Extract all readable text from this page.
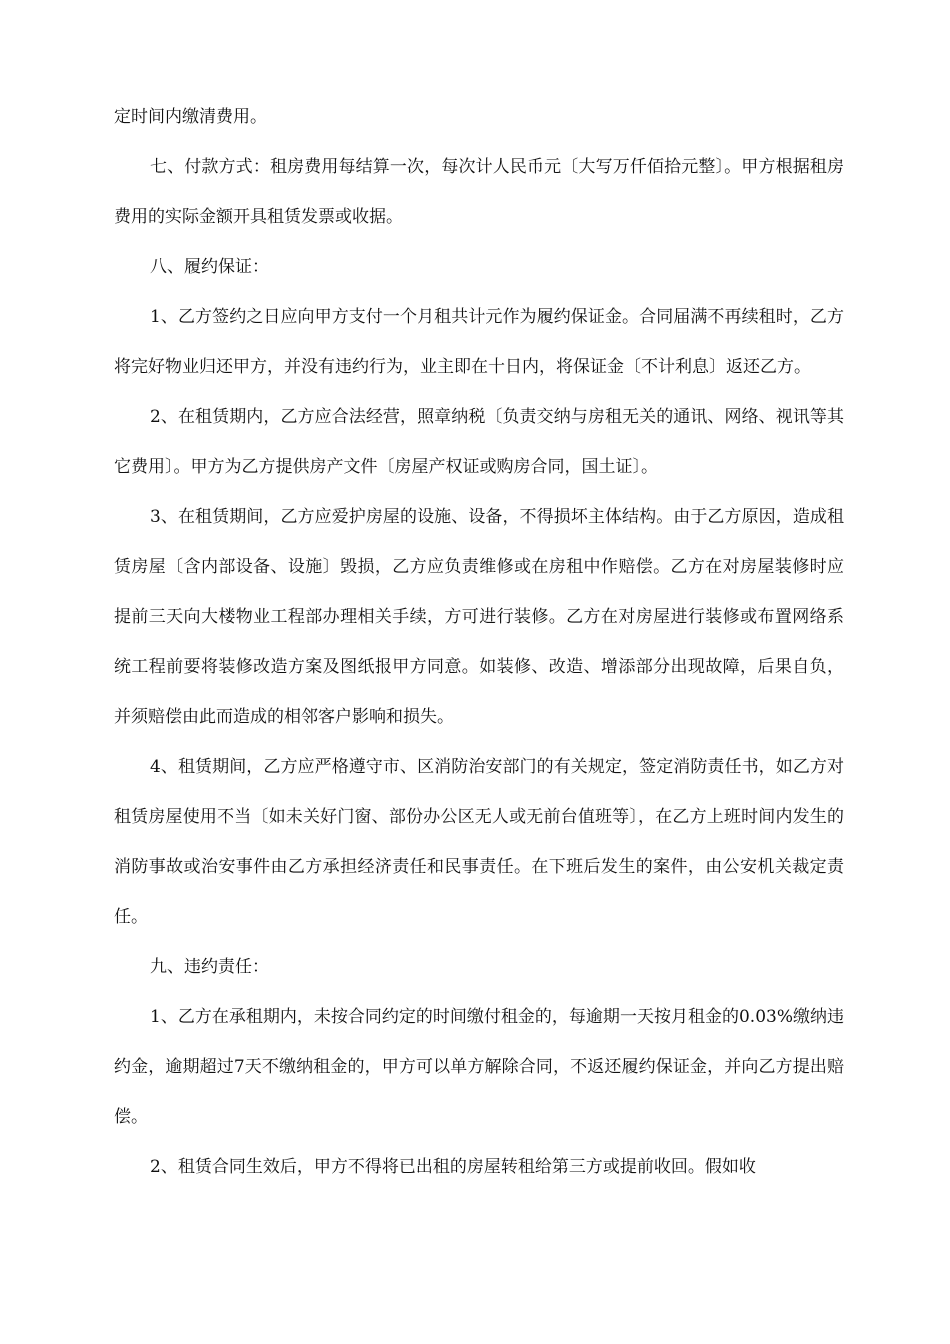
定时间内缴清费用。

七、付款方式：租房费用每结算一次，每次计人民币元〔大写万仟佰拾元整〕。甲方根据租房费用的实际金额开具租赁发票或收据。

八、履约保证：

1、乙方签约之日应向甲方支付一个月租共计元作为履约保证金。合同届满不再续租时，乙方将完好物业归还甲方，并没有违约行为，业主即在十日内，将保证金〔不计利息〕返还乙方。

2、在租赁期内，乙方应合法经营，照章纳税〔负责交纳与房租无关的通讯、网络、视讯等其它费用〕。甲方为乙方提供房产文件〔房屋产权证或购房合同，国土证〕。

3、在租赁期间，乙方应爱护房屋的设施、设备，不得损坏主体结构。由于乙方原因，造成租赁房屋〔含内部设备、设施〕毁损，乙方应负责维修或在房租中作赔偿。乙方在对房屋装修时应提前三天向大楼物业工程部办理相关手续，方可进行装修。乙方在对房屋进行装修或布置网络系统工程前要将装修改造方案及图纸报甲方同意。如装修、改造、增添部分出现故障，后果自负，并须赔偿由此而造成的相邻客户影响和损失。

4、租赁期间，乙方应严格遵守市、区消防治安部门的有关规定，签定消防责任书，如乙方对租赁房屋使用不当〔如未关好门窗、部份办公区无人或无前台值班等〕，在乙方上班时间内发生的消防事故或治安事件由乙方承担经济责任和民事责任。在下班后发生的案件，由公安机关裁定责任。

九、违约责任：

1、乙方在承租期内，未按合同约定的时间缴付租金的，每逾期一天按月租金的0.03%缴纳违约金，逾期超过7天不缴纳租金的，甲方可以单方解除合同，不返还履约保证金，并向乙方提出赔偿。

2、租赁合同生效后，甲方不得将已出租的房屋转租给第三方或提前收回。假如收
